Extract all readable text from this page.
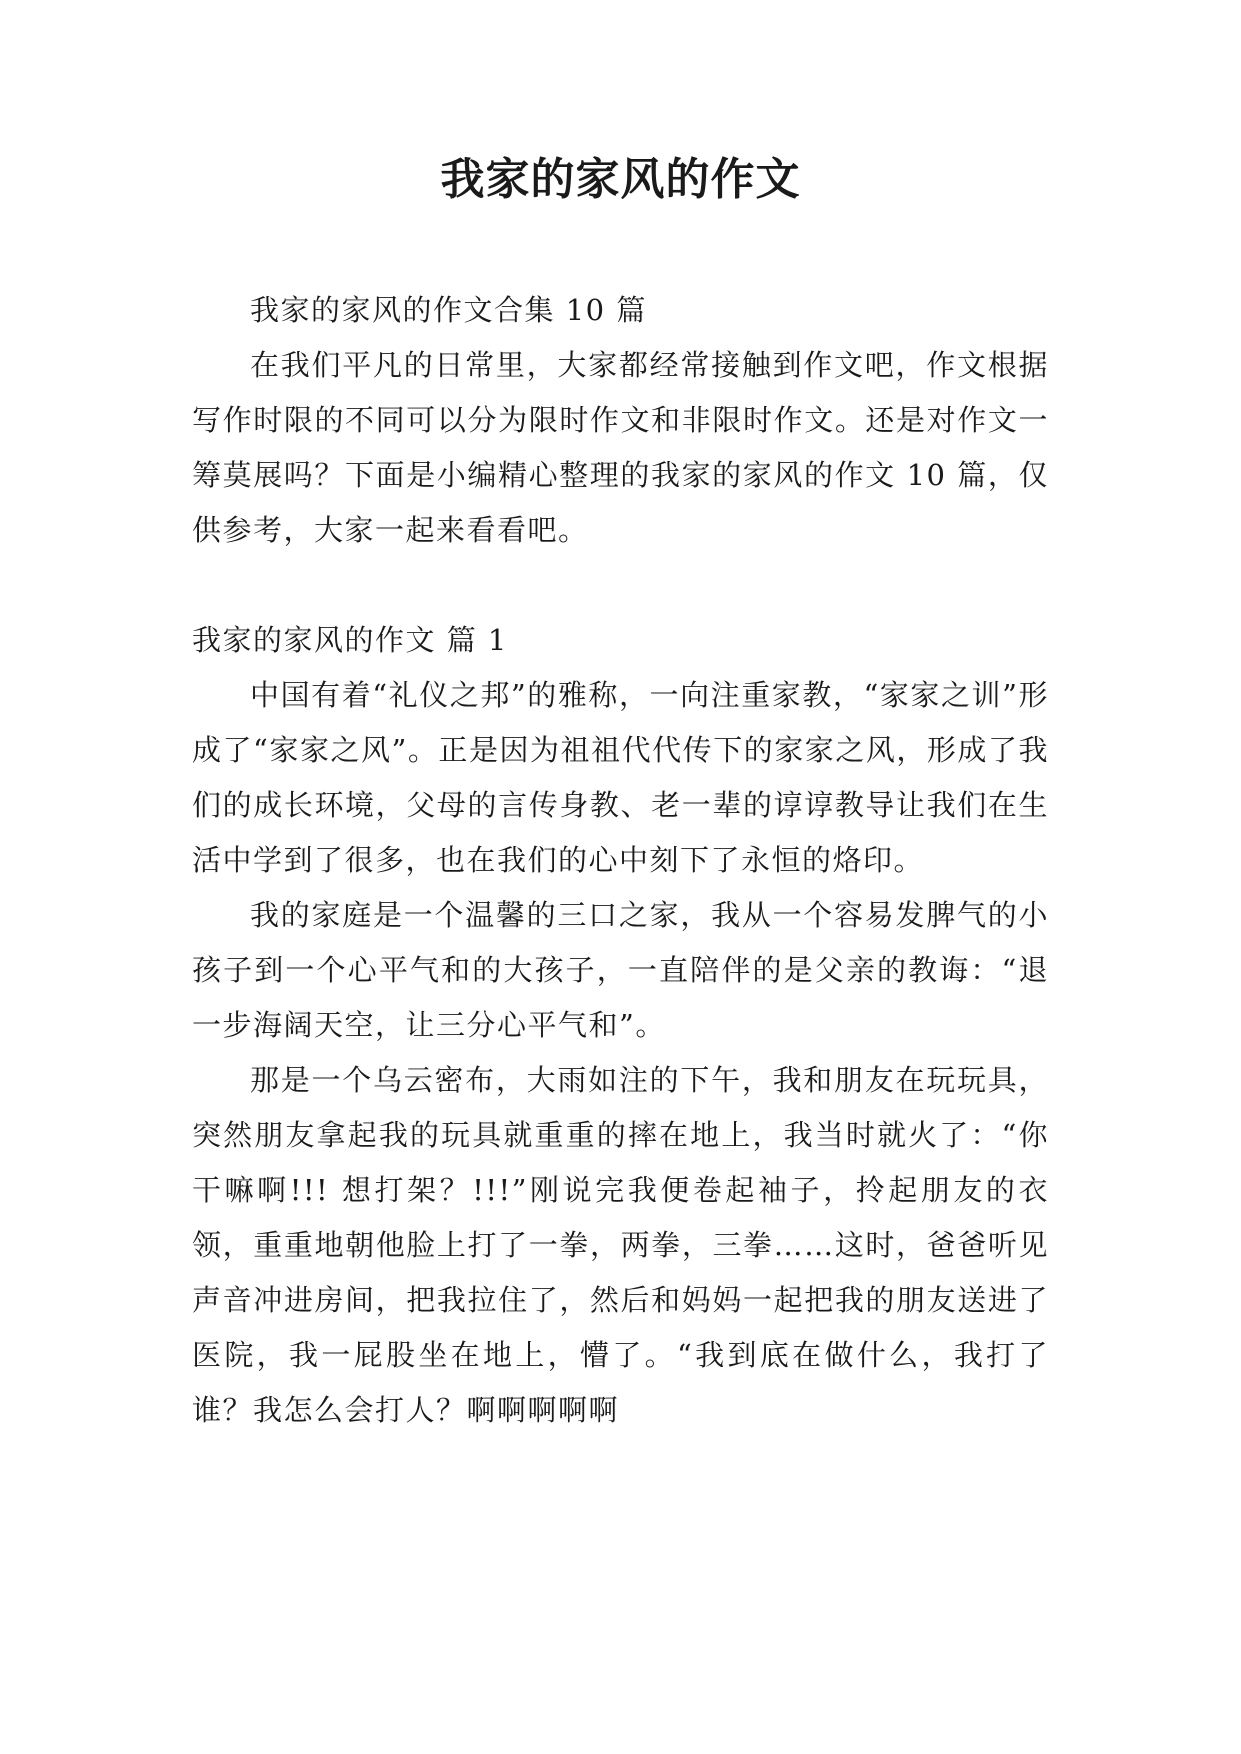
我家的家风的作文

我家的家风的作文合集 10 篇

在我们平凡的日常里，大家都经常接触到作文吧，作文根据写作时限的不同可以分为限时作文和非限时作文。还是对作文一筹莫展吗？下面是小编精心整理的我家的家风的作文 10 篇，仅供参考，大家一起来看看吧。

我家的家风的作文 篇 1

中国有着“礼仪之邦”的雅称，一向注重家教，“家家之训”形成了“家家之风”。正是因为祖祖代代传下的家家之风，形成了我们的成长环境，父母的言传身教、老一辈的谆谆教导让我们在生活中学到了很多，也在我们的心中刻下了永恒的烙印。

我的家庭是一个温馨的三口之家，我从一个容易发脾气的小孩子到一个心平气和的大孩子，一直陪伴的是父亲的教诲：“退一步海阔天空，让三分心平气和”。

那是一个乌云密布，大雨如注的下午，我和朋友在玩玩具，突然朋友拿起我的玩具就重重的摔在地上，我当时就火了：“你干嘛啊!!! 想打架？!!!”刚说完我便卷起袖子，拎起朋友的衣领，重重地朝他脸上打了一拳，两拳，三拳……这时，爸爸听见声音冲进房间，把我拉住了，然后和妈妈一起把我的朋友送进了医院，我一屁股坐在地上，懵了。“我到底在做什么，我打了谁？我怎么会打人？啊啊啊啊啊
